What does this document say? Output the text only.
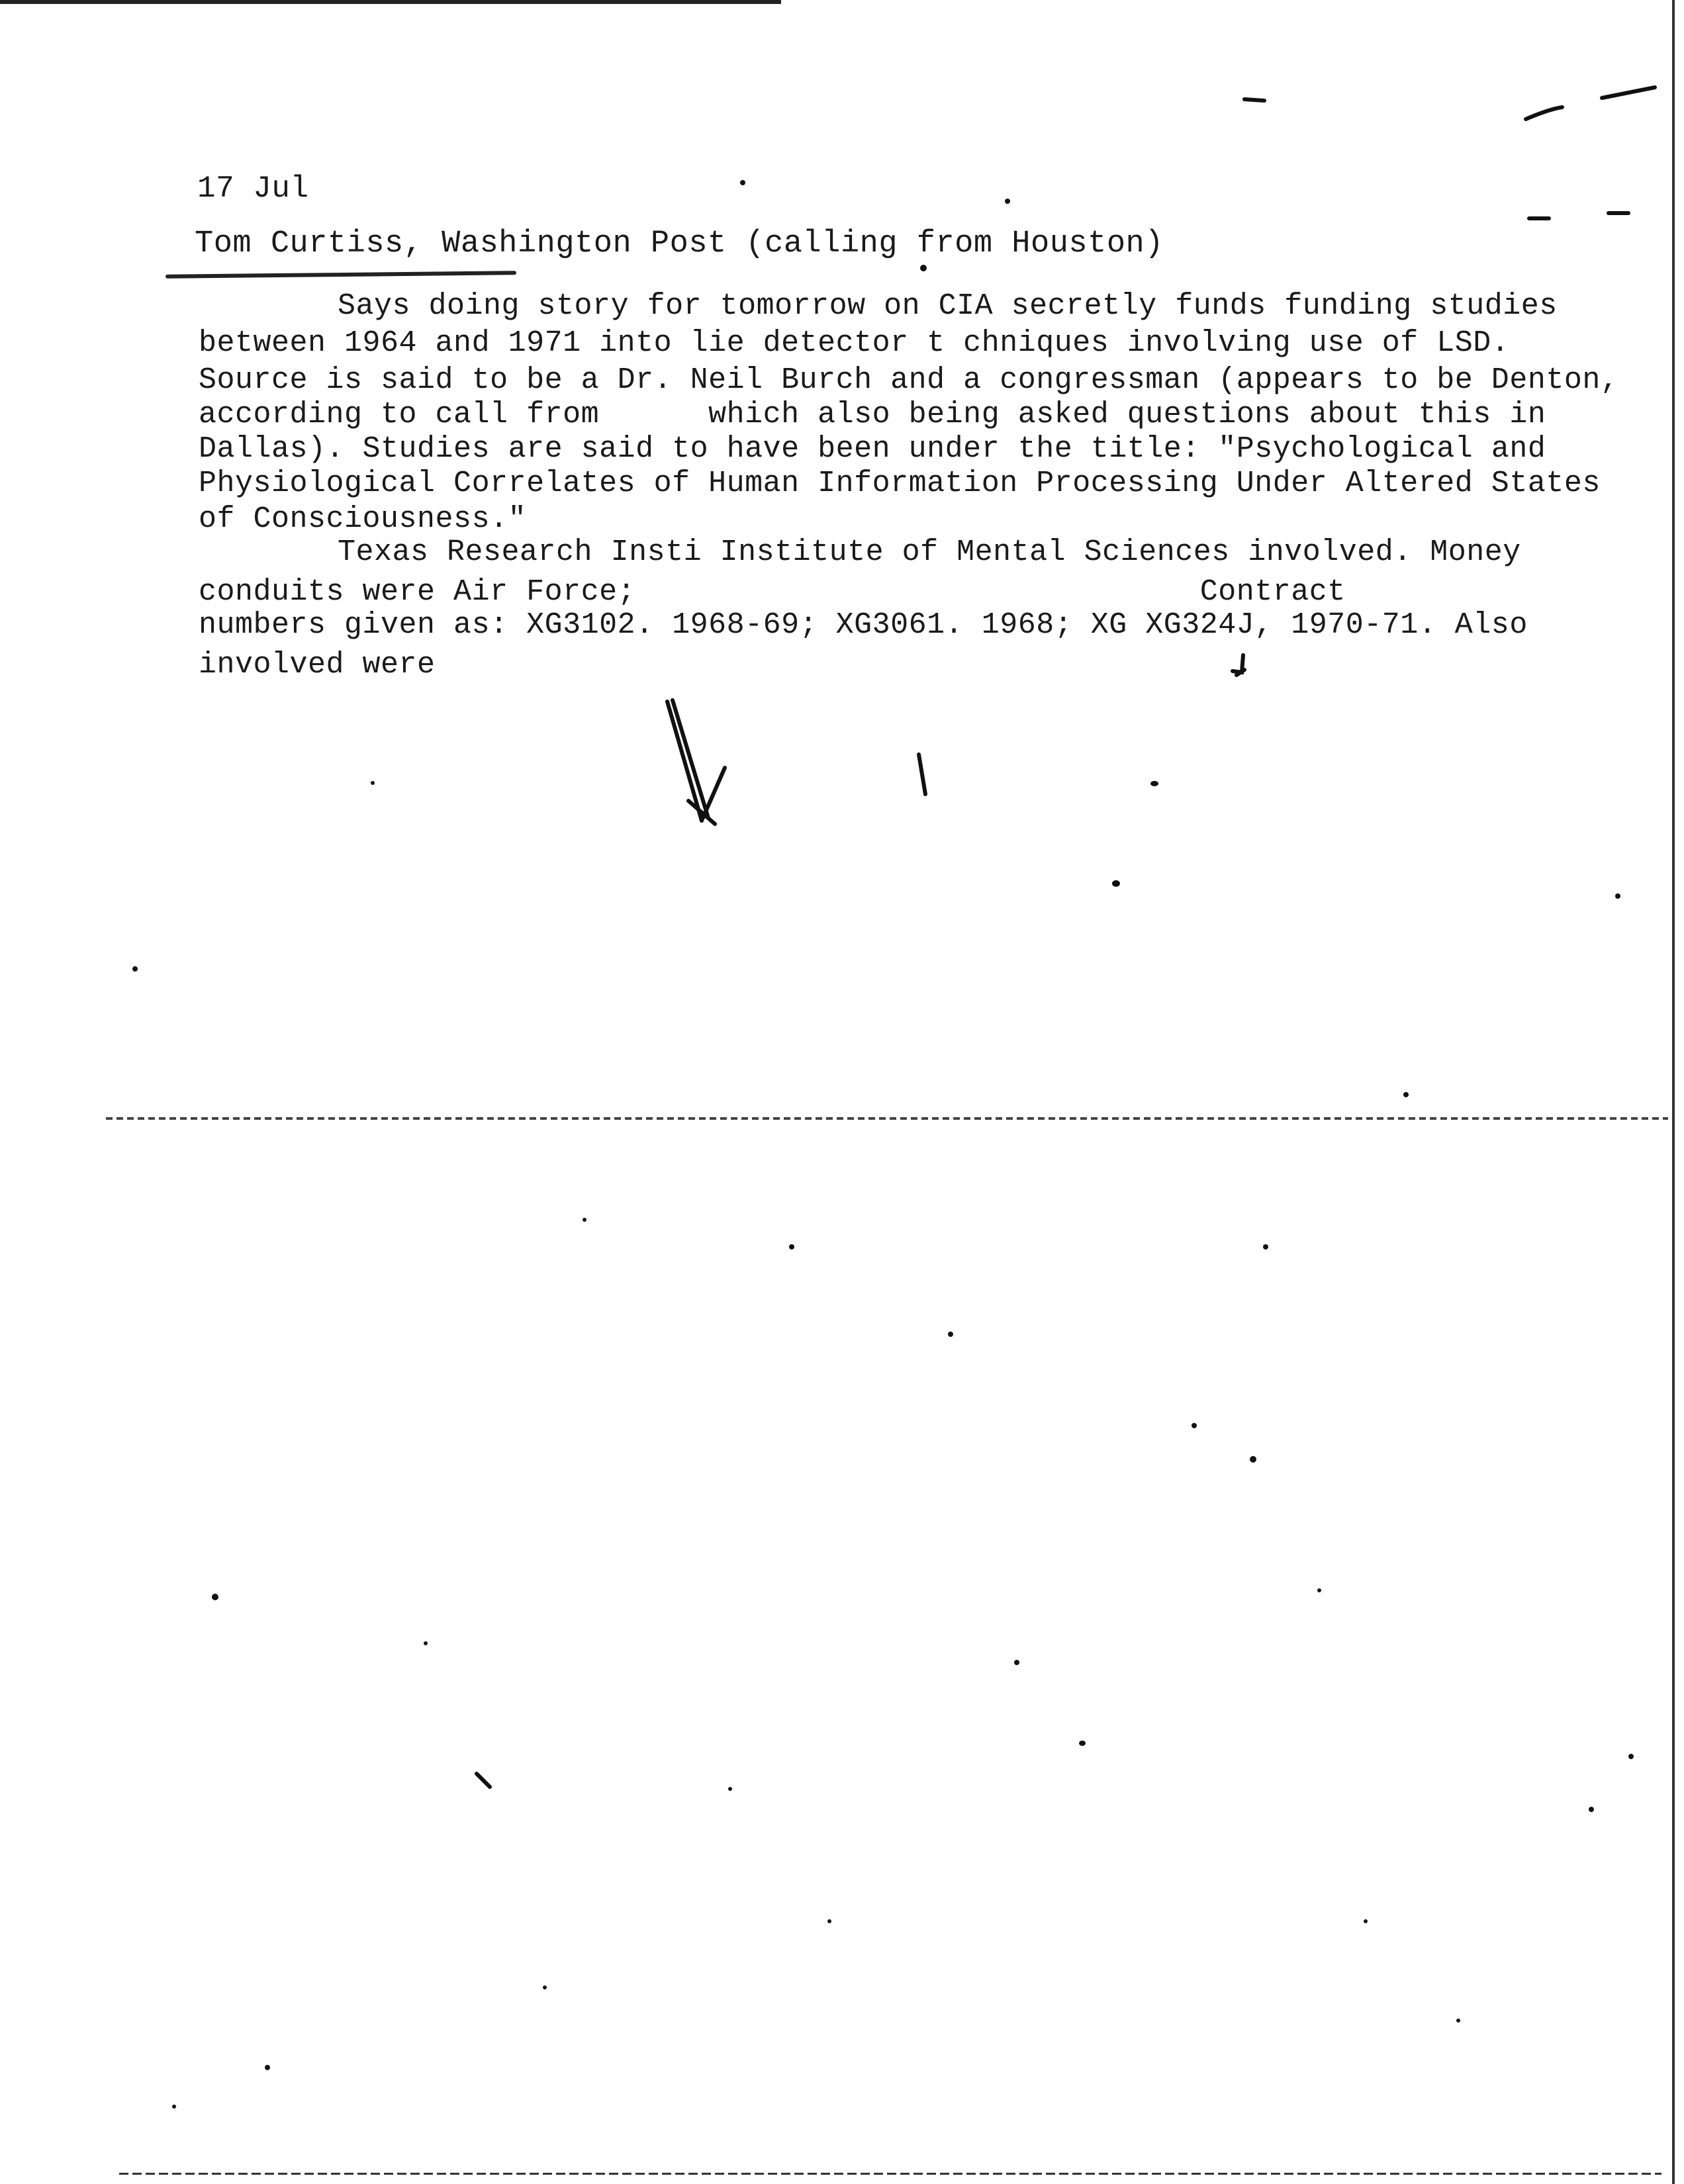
17 Jul
Tom Curtiss, Washington Post (calling from Houston)
Says doing story for tomorrow on CIA secretly funds funding studies
between 1964 and 1971 into lie detector t chniques involving use of LSD.
Source is said to be a Dr. Neil Burch and a congressman (appears to be Denton,
according to call from      which also being asked questions about this in
Dallas). Studies are said to have been under the title: "Psychological and
Physiological Correlates of Human Information Processing Under Altered States
of Consciousness."
Texas Research Insti Institute of Mental Sciences involved. Money
conduits were Air Force;                               Contract
numbers given as: XG3102. 1968-69; XG3061. 1968; XG XG324J, 1970-71. Also
involved were
